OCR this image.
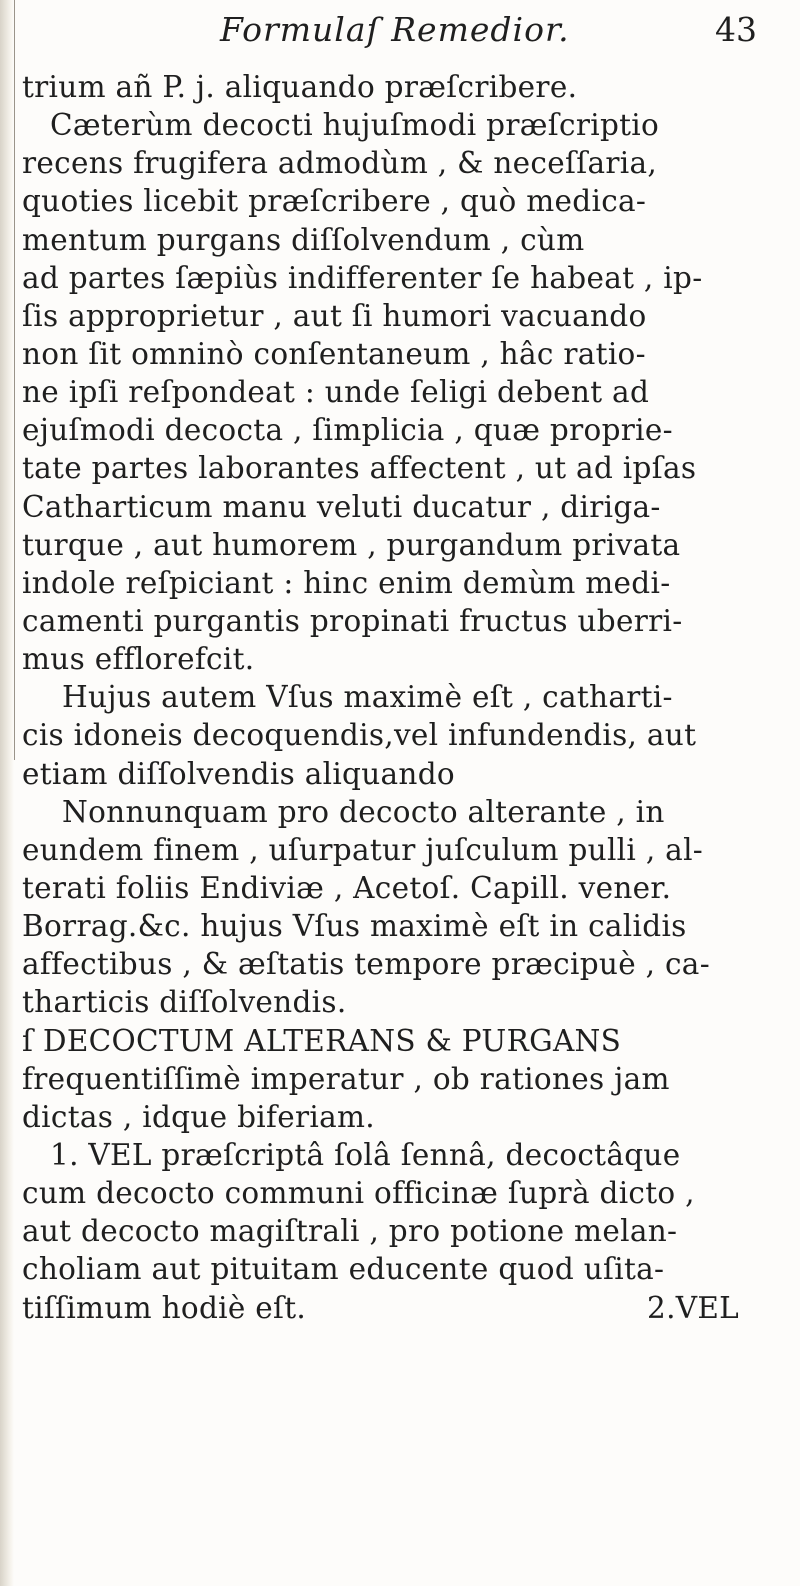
Formulaſ Remedior.	43
trium añ P. j. aliquando præſcribere.
Cæterùm decocti hujuſmodi præſcriptio
recens frugifera admodùm , & neceſſaria,
quoties licebit præſcribere , quò medica-
mentum purgans diſſolvendum , cùm
ad partes ſæpiùs indifferenter ſe habeat , ip-
ſis approprietur , aut ſi humori vacuando
non ſit omninò conſentaneum , hâc ratio-
ne ipſi reſpondeat : unde ſeligi debent ad
ejuſmodi decocta , ſimplicia , quæ proprie-
tate partes laborantes affectent , ut ad ipſas
Catharticum manu veluti ducatur , diriga-
turque , aut humorem , purgandum privata
indole reſpiciant : hinc enim demùm medi-
camenti purgantis propinati fructus uberri-
mus efflorefcit.
Hujus autem Vſus maximè eſt , catharti-
cis idoneis decoquendis,vel infundendis, aut
etiam diſſolvendis aliquando
Nonnunquam pro decocto alterante , in
eundem finem , uſurpatur juſculum pulli , al-
terati foliis Endiviæ , Acetoſ. Capill. vener.
Borrag.&c. hujus Vſus maximè eſt in calidis
affectibus , & æſtatis tempore præcipuè , ca-
tharticis diſſolvendis.
ſ DECOCTUM ALTERANS & PURGANS
frequentiſſimè imperatur , ob rationes jam
dictas , idque biferiam.
1. VEL præſcriptâ ſolâ ſennâ, decoctâque
cum decocto communi officinæ ſuprà dicto ,
aut decocto magiſtrali , pro potione melan-
choliam aut pituitam educente quod uſita-
tiſſimum hodiè eſt.	2.VEL
